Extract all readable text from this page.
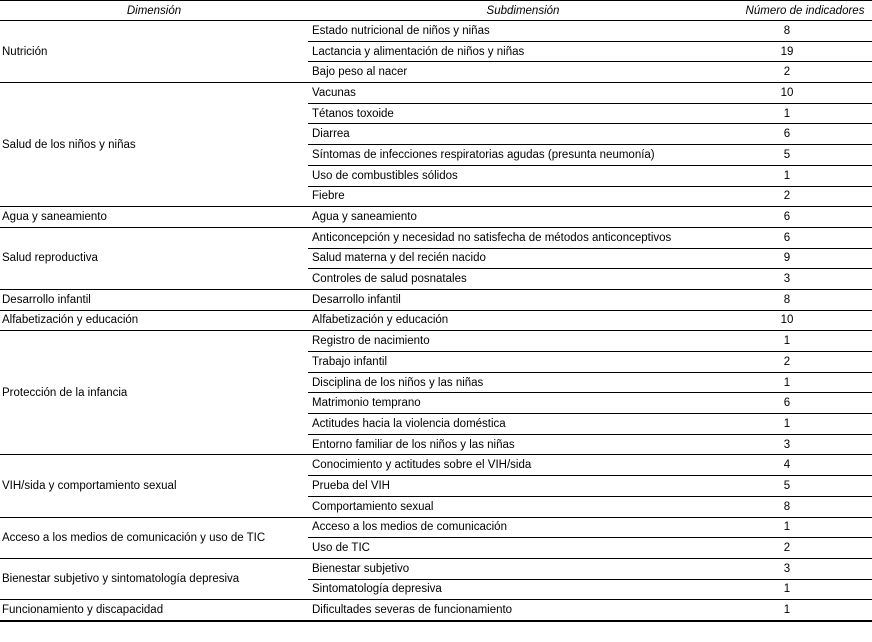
Dimensión	Subdimensión	Número de indicadores
Nutrición	Estado nutricional de niños y niñas	8
	Lactancia y alimentación de niños y niñas	19
	Bajo peso al nacer	2
Salud de los niños y niñas	Vacunas	10
	Tétanos toxoide	1
	Diarrea	6
	Síntomas de infecciones respiratorias agudas (presunta neumonía)	5
	Uso de combustibles sólidos	1
	Fiebre	2
Agua y saneamiento	Agua y saneamiento	6
Salud reproductiva	Anticoncepción y necesidad no satisfecha de métodos anticonceptivos	6
	Salud materna y del recién nacido	9
	Controles de salud posnatales	3
Desarrollo infantil	Desarrollo infantil	8
Alfabetización y educación	Alfabetización y educación	10
Protección de la infancia	Registro de nacimiento	1
	Trabajo infantil	2
	Disciplina de los niños y las niñas	1
	Matrimonio temprano	6
	Actitudes hacia la violencia doméstica	1
	Entorno familiar de los niños y las niñas	3
VIH/sida y comportamiento sexual	Conocimiento y actitudes sobre el VIH/sida	4
	Prueba del VIH	5
	Comportamiento sexual	8
Acceso a los medios de comunicación y uso de TIC	Acceso a los medios de comunicación	1
	Uso de TIC	2
Bienestar subjetivo y sintomatología depresiva	Bienestar subjetivo	3
	Sintomatología depresiva	1
Funcionamiento y discapacidad	Dificultades severas de funcionamiento	1
